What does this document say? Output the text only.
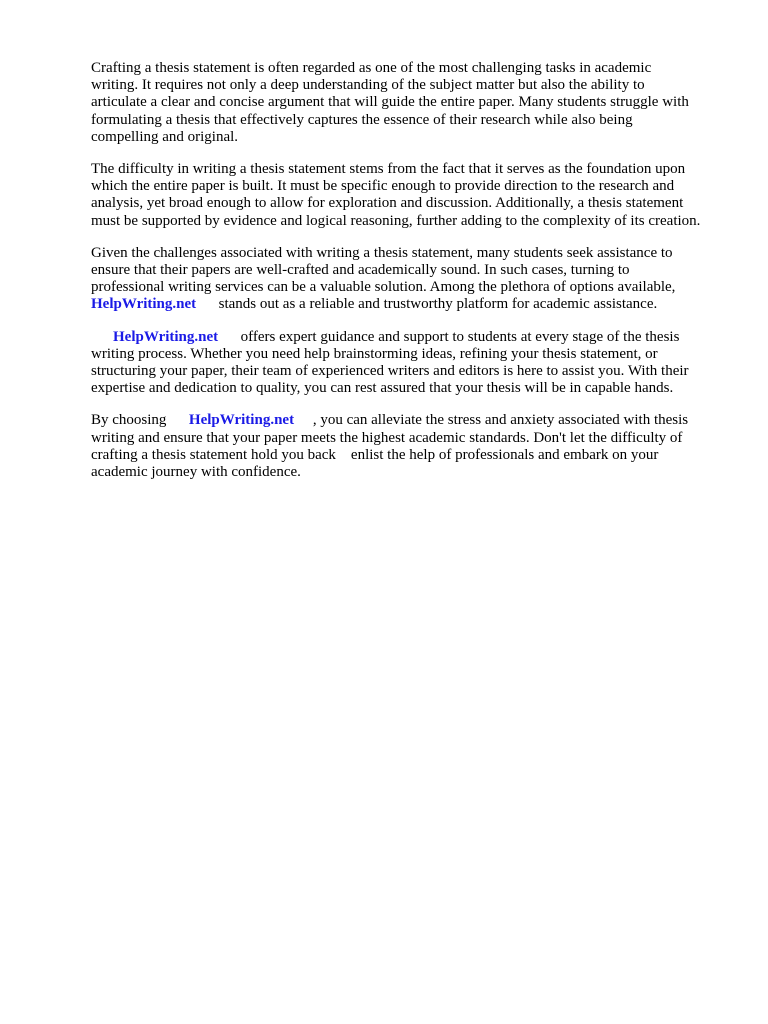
Crafting a thesis statement is often regarded as one of the most challenging tasks in academic
writing. It requires not only a deep understanding of the subject matter but also the ability to
articulate a clear and concise argument that will guide the entire paper. Many students struggle with
formulating a thesis that effectively captures the essence of their research while also being
compelling and original.

The difficulty in writing a thesis statement stems from the fact that it serves as the foundation upon
which the entire paper is built. It must be specific enough to provide direction to the research and
analysis, yet broad enough to allow for exploration and discussion. Additionally, a thesis statement
must be supported by evidence and logical reasoning, further adding to the complexity of its creation.

Given the challenges associated with writing a thesis statement, many students seek assistance to
ensure that their papers are well-crafted and academically sound. In such cases, turning to
professional writing services can be a valuable solution. Among the plethora of options available,
HelpWriting.net      stands out as a reliable and trustworthy platform for academic assistance.

HelpWriting.net      offers expert guidance and support to students at every stage of the thesis
writing process. Whether you need help brainstorming ideas, refining your thesis statement, or
structuring your paper, their team of experienced writers and editors is here to assist you. With their
expertise and dedication to quality, you can rest assured that your thesis will be in capable hands.

By choosing      HelpWriting.net     , you can alleviate the stress and anxiety associated with thesis
writing and ensure that your paper meets the highest academic standards. Don't let the difficulty of
crafting a thesis statement hold you back    enlist the help of professionals and embark on your
academic journey with confidence.
